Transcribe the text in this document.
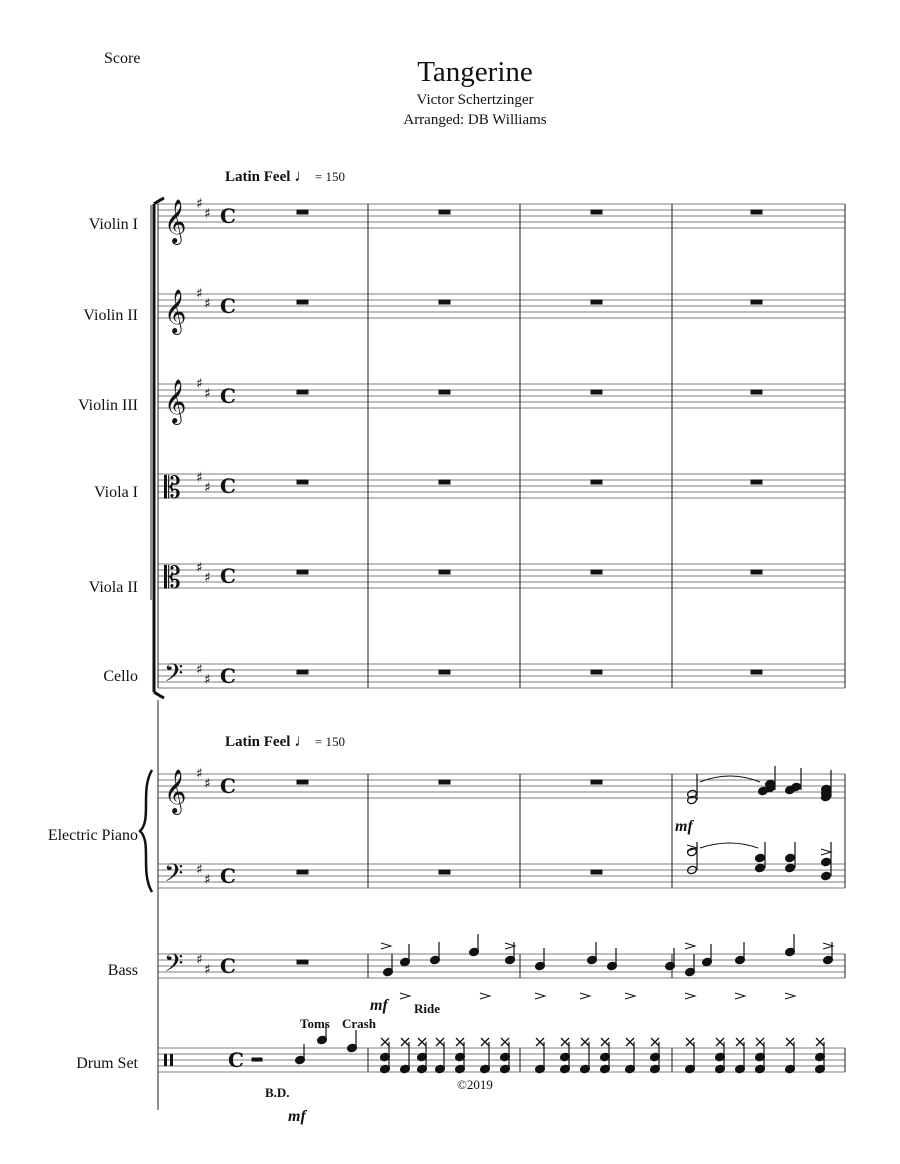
Score	Tangerine
Victor Schertzinger
Arranged: DB Williams
Latin Feel ♩ = 150
Latin Feel ♩ = 150
Violin I
Violin II
Violin III
Viola I
Viola II
Cello
Electric Piano
Bass
Drum Set
Toms Crash
Ride
B.D.
mf
mf
mf
©2019
𝄞 ♯
♯ C
𝄞 ♯
♯ C
𝄞 ♯
♯ C
𝄡 ♯
♯ C
𝄡 ♯
♯ C
𝄢 ♯
♯ C
𝄞 ♯
♯ C
𝄢 ♯
♯ C
𝄢 ♯
♯ C
C
